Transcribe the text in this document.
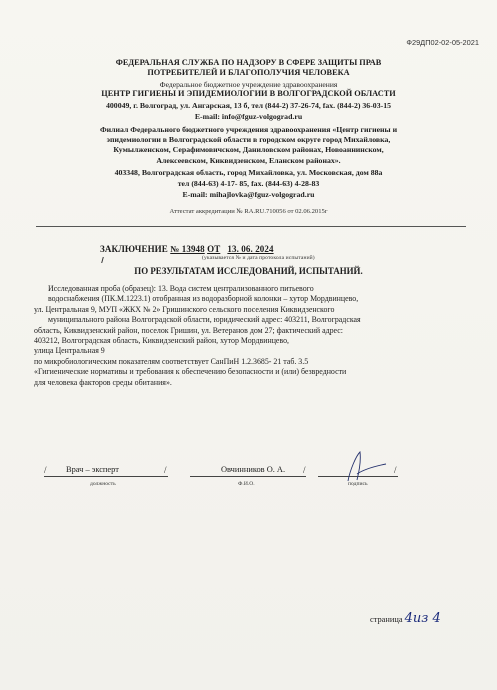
Ф29ДП02-02-05-2021
ФЕДЕРАЛЬНАЯ СЛУЖБА ПО НАДЗОРУ В СФЕРЕ ЗАЩИТЫ ПРАВ
ПОТРЕБИТЕЛЕЙ И БЛАГОПОЛУЧИЯ ЧЕЛОВЕКА
Федеральное бюджетное учреждение здравоохранения
ЦЕНТР ГИГИЕНЫ И ЭПИДЕМИОЛОГИИ В ВОЛГОГРАДСКОЙ ОБЛАСТИ
400049, г. Волгоград, ул. Ангарская, 13 б, тел (844-2) 37-26-74, fax. (844-2) 36-03-15
E-mail: info@fguz-volgograd.ru
Филиал Федерального бюджетного учреждения здравоохранения «Центр гигиены и
эпидемиологии в Волгоградской области в городском округе город Михайловка,
Кумылженском, Серафимовичском, Даниловском районах, Новоаннинском,
Алексеевском, Киквидзенском, Еланском районах».
403348, Волгоградская область, город Михайловка, ул. Московская, дом 88а
тел (844-63) 4-17- 85, fax. (844-63) 4-28-83
E-mail: mihajlovka@fguz-volgograd.ru
Аттестат аккредитации № RA.RU.710056 от 02.06.2015г
ЗАКЛЮЧЕНИЕ № 13948 ОТ 13. 06. 2024
(указывается № и дата протокола испытаний)
ПО РЕЗУЛЬТАТАМ ИССЛЕДОВАНИЙ, ИСПЫТАНИЙ.
Исследованная проба (образец): 13. Вода систем централизованного питьевого
водоснабжения (ПК.М.1223.1) отобранная из водоразборной колонки – хутор Мордвинцево,
ул. Центральная 9, МУП «ЖКХ № 2» Гришинского сельского поселения Киквидзенского
муниципального района Волгоградской области, юридический адрес: 403211, Волгоградская
область, Киквидзенский район, поселок Гришин, ул. Ветеранов дом 27; фактический адрес:
403212, Волгоградская область, Киквидзенский район, хутор Мордвинцево,
улица Центральная 9
по микробиологическим показателям соответствует СанПиН 1.2.3685- 21 таб. 3.5
«Гигиенические нормативы и требования к обеспечению безопасности и (или) безвредности
для человека факторов среды обитания».
/ Врач – эксперт	/	Овчинников О. А. /	/
должность	Ф.И.О.	подпись
страница 4из 4
